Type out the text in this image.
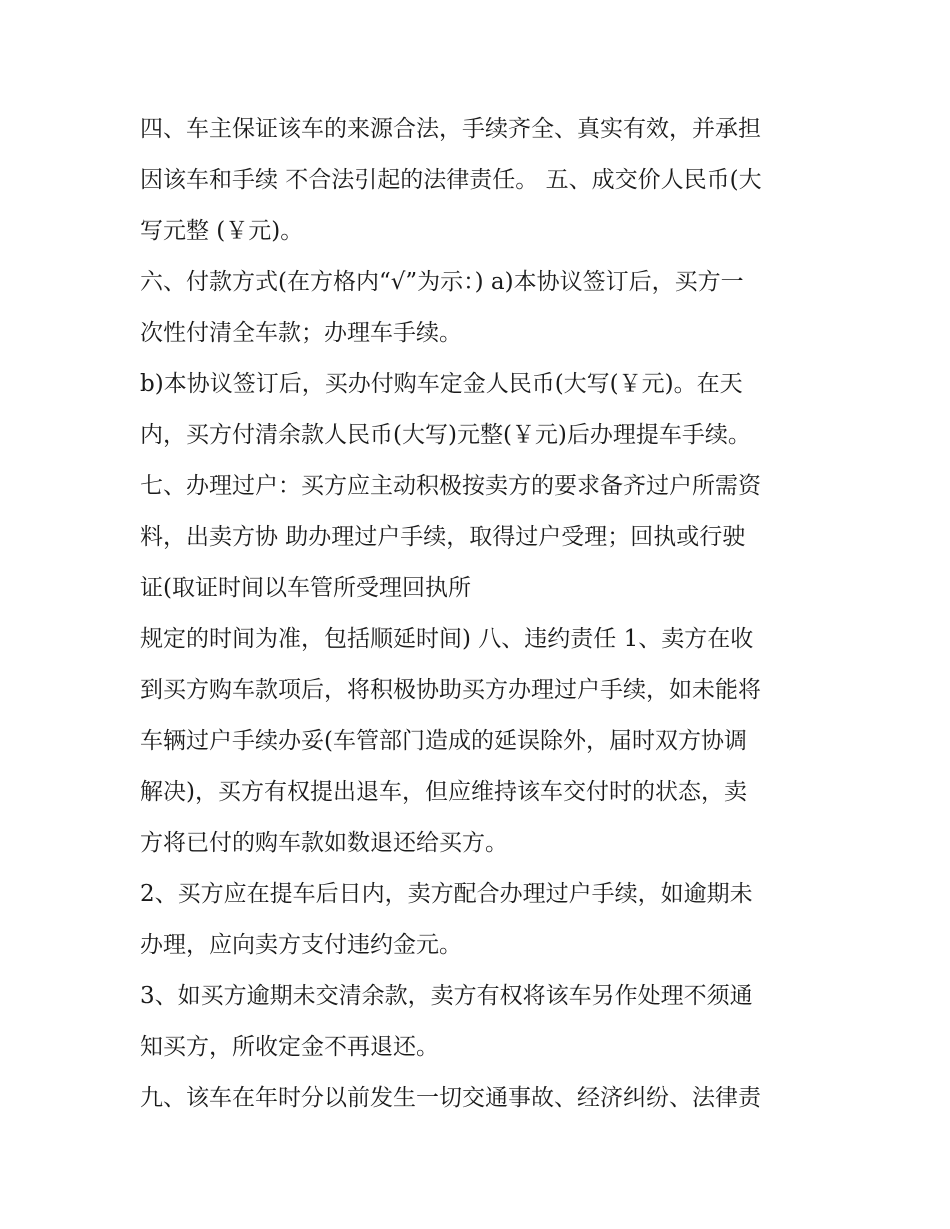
四、车主保证该车的来源合法，手续齐全、真实有效，并承担
因该车和手续 不合法引起的法律责任。 五、成交价人民币(大
写元整 (￥元)。
六、付款方式(在方格内“√”为示：) a)本协议签订后，买方一
次性付清全车款；办理车手续。
b)本协议签订后，买办付购车定金人民币(大写(￥元)。在天
内，买方付清余款人民币(大写)元整(￥元)后办理提车手续。
七、办理过户：买方应主动积极按卖方的要求备齐过户所需资
料，出卖方协 助办理过户手续，取得过户受理；回执或行驶
证(取证时间以车管所受理回执所
规定的时间为准，包括顺延时间) 八、违约责任 1、卖方在收
到买方购车款项后，将积极协助买方办理过户手续，如未能将
车辆过户手续办妥(车管部门造成的延误除外，届时双方协调
解决)，买方有权提出退车，但应维持该车交付时的状态，卖
方将已付的购车款如数退还给买方。
2、买方应在提车后日内，卖方配合办理过户手续，如逾期未
办理，应向卖方支付违约金元。
3、如买方逾期未交清余款，卖方有权将该车另作处理不须通
知买方，所收定金不再退还。
九、该车在年时分以前发生一切交通事故、经济纠纷、法律责
